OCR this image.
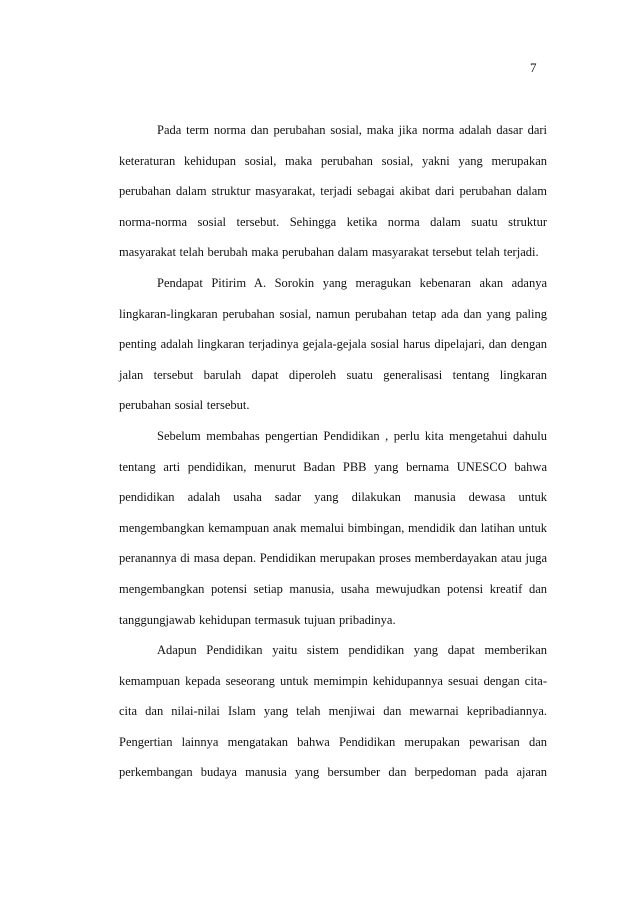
7

Pada term norma dan perubahan sosial, maka jika norma adalah dasar dari keteraturan kehidupan sosial, maka perubahan sosial, yakni yang merupakan perubahan dalam struktur masyarakat, terjadi sebagai akibat dari perubahan dalam norma-norma sosial tersebut. Sehingga ketika norma dalam suatu struktur masyarakat telah berubah maka perubahan dalam masyarakat tersebut telah terjadi.

Pendapat Pitirim A. Sorokin yang meragukan kebenaran akan adanya lingkaran-lingkaran perubahan sosial, namun perubahan tetap ada dan yang paling penting adalah lingkaran terjadinya gejala-gejala sosial harus dipelajari, dan dengan jalan tersebut barulah dapat diperoleh suatu generalisasi tentang lingkaran perubahan sosial tersebut.

Sebelum membahas pengertian Pendidikan , perlu kita mengetahui dahulu tentang arti pendidikan, menurut Badan PBB yang bernama UNESCO bahwa pendidikan adalah usaha sadar yang dilakukan manusia dewasa untuk mengembangkan kemampuan anak memalui bimbingan, mendidik dan latihan untuk peranannya di masa depan. Pendidikan merupakan proses memberdayakan atau juga mengembangkan potensi setiap manusia, usaha mewujudkan potensi kreatif dan tanggungjawab kehidupan termasuk tujuan pribadinya.

Adapun Pendidikan yaitu sistem pendidikan yang dapat memberikan kemampuan kepada seseorang untuk memimpin kehidupannya sesuai dengan cita-cita dan nilai-nilai Islam yang telah menjiwai dan mewarnai kepribadiannya. Pengertian lainnya mengatakan bahwa Pendidikan merupakan pewarisan dan perkembangan budaya manusia yang bersumber dan berpedoman pada ajaran
